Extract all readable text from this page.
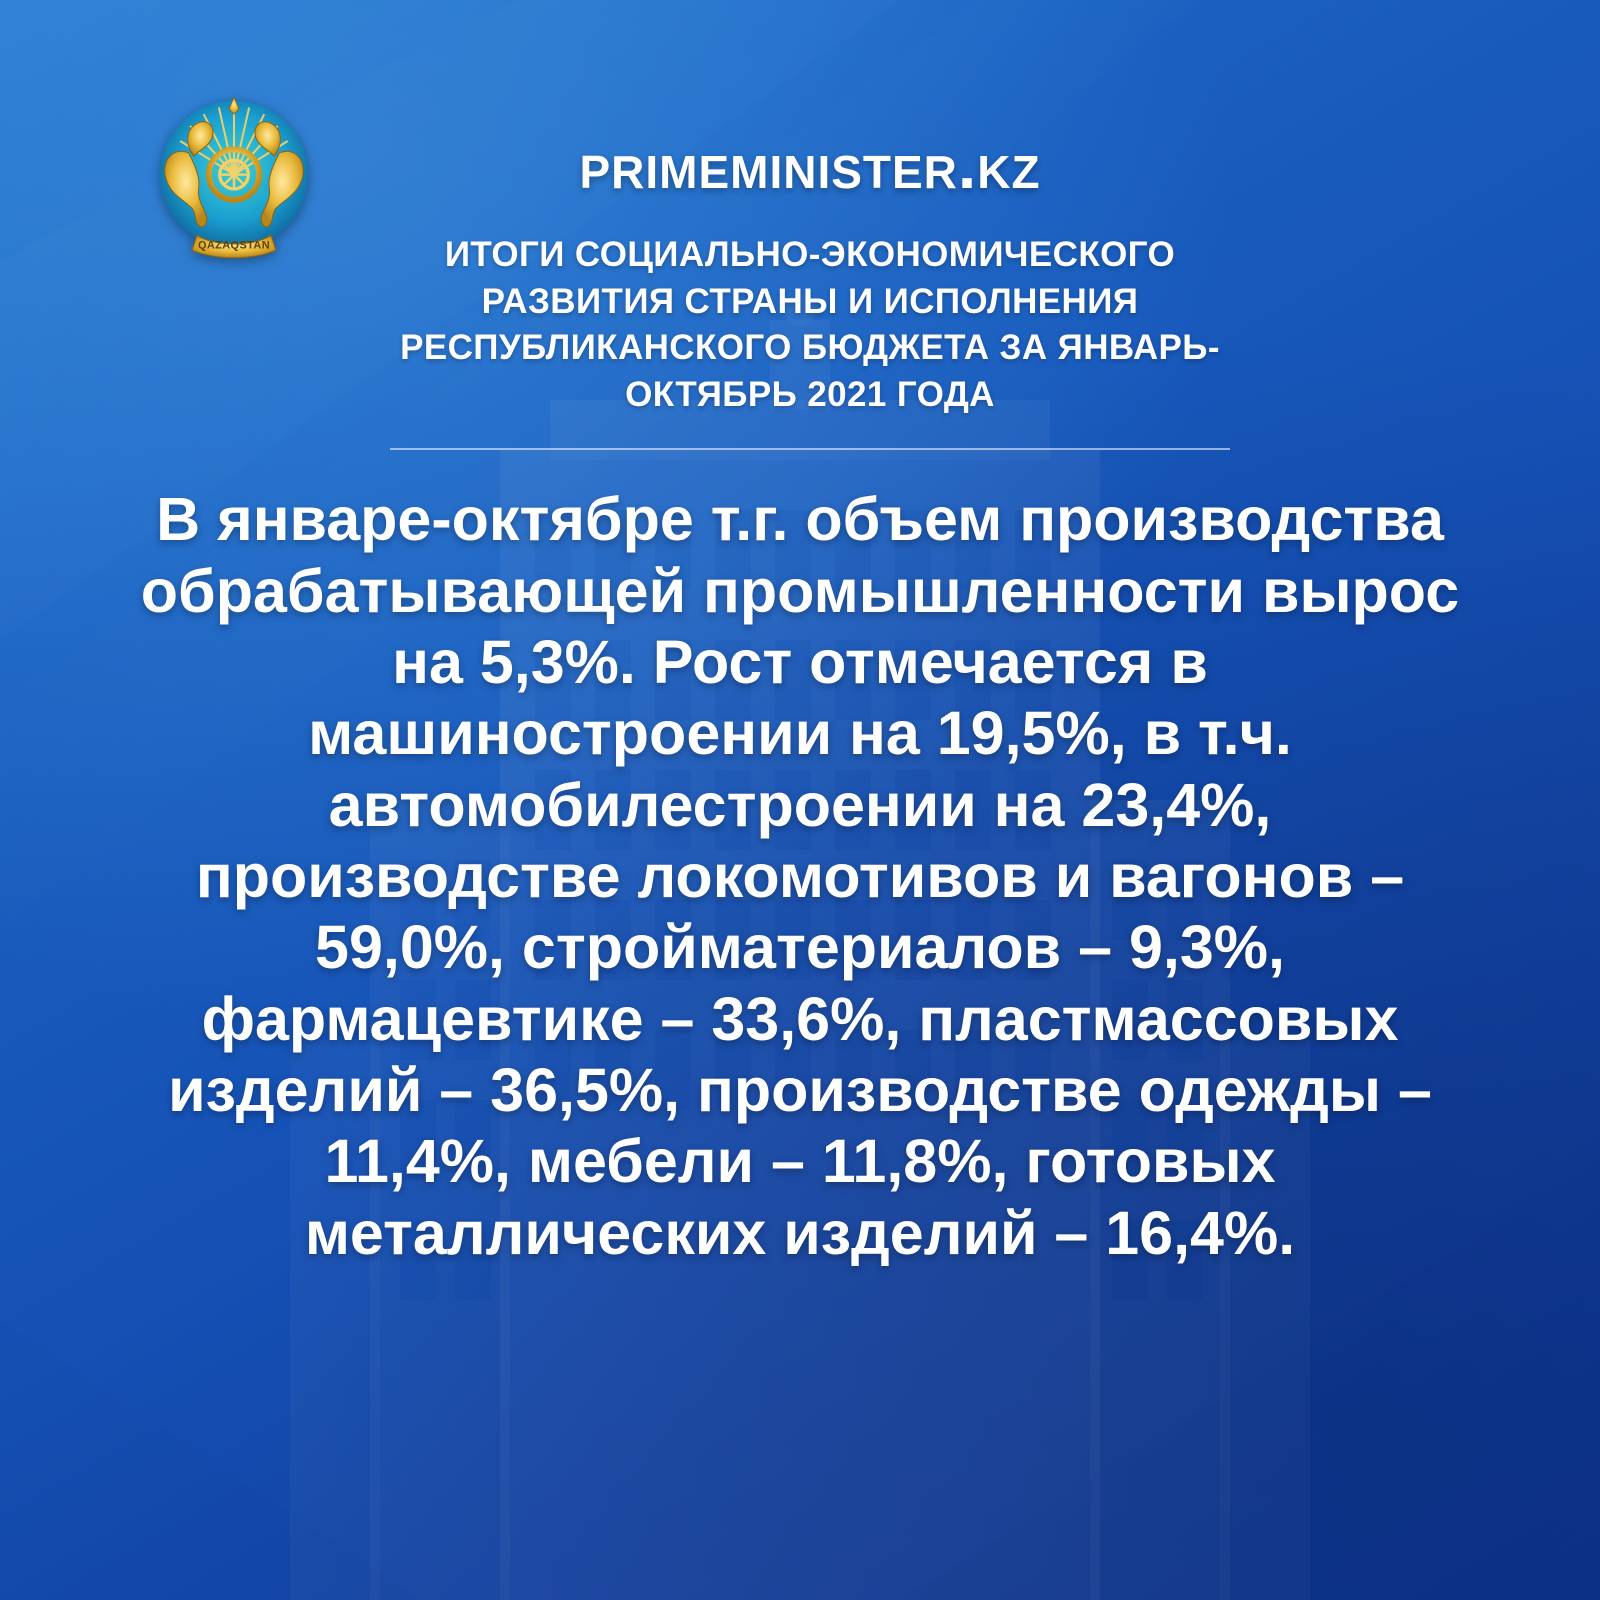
QAZAQSTAN
primeminister.kz
ИТОГИ СОЦИАЛЬНО-ЭКОНОМИЧЕСКОГО РАЗВИТИЯ СТРАНЫ И ИСПОЛНЕНИЯ РЕСПУБЛИКАНСКОГО БЮДЖЕТА ЗА ЯНВАРЬ-ОКТЯБРЬ 2021 ГОДА

В январе-октябре т.г. объем производства обрабатывающей промышленности вырос на 5,3%. Рост отмечается в машиностроении на 19,5%, в т.ч. автомобилестроении на 23,4%, производстве локомотивов и вагонов – 59,0%, стройматериалов – 9,3%, фармацевтике – 33,6%, пластмассовых изделий – 36,5%, производстве одежды – 11,4%, мебели – 11,8%, готовых металлических изделий – 16,4%.
